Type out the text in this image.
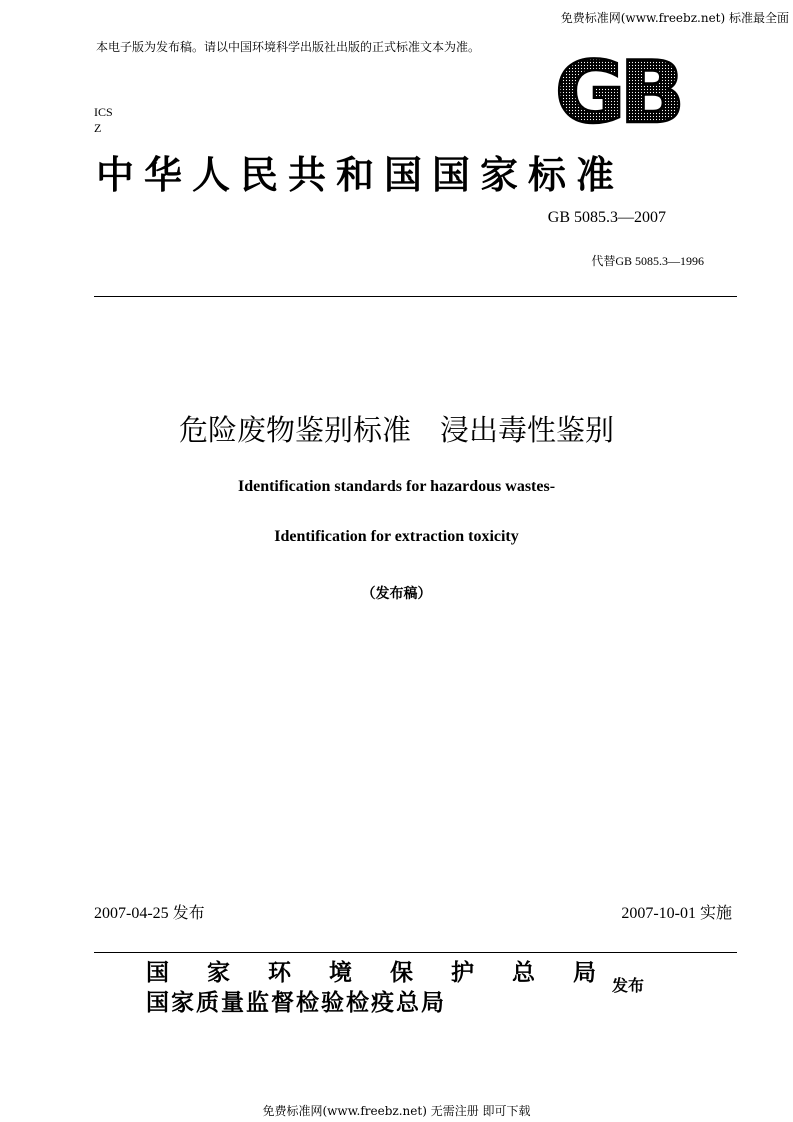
免费标准网(www.freebz.net) 标准最全面
本电子版为发布稿。请以中国环境科学出版社出版的正式标准文本为准。 GB
ICS
Z
中华人民共和国国家标准
GB 5085.3—2007
代替GB 5085.3—1996
危险废物鉴别标准　浸出毒性鉴别
Identification standards for hazardous wastes-
Identification for extraction toxicity
（发布稿）
2007-04-25 发布	2007-10-01 实施
国 家 环 境 保 护 总 局
国家质量监督检验检疫总局
发布
免费标准网(www.freebz.net) 无需注册 即可下载
